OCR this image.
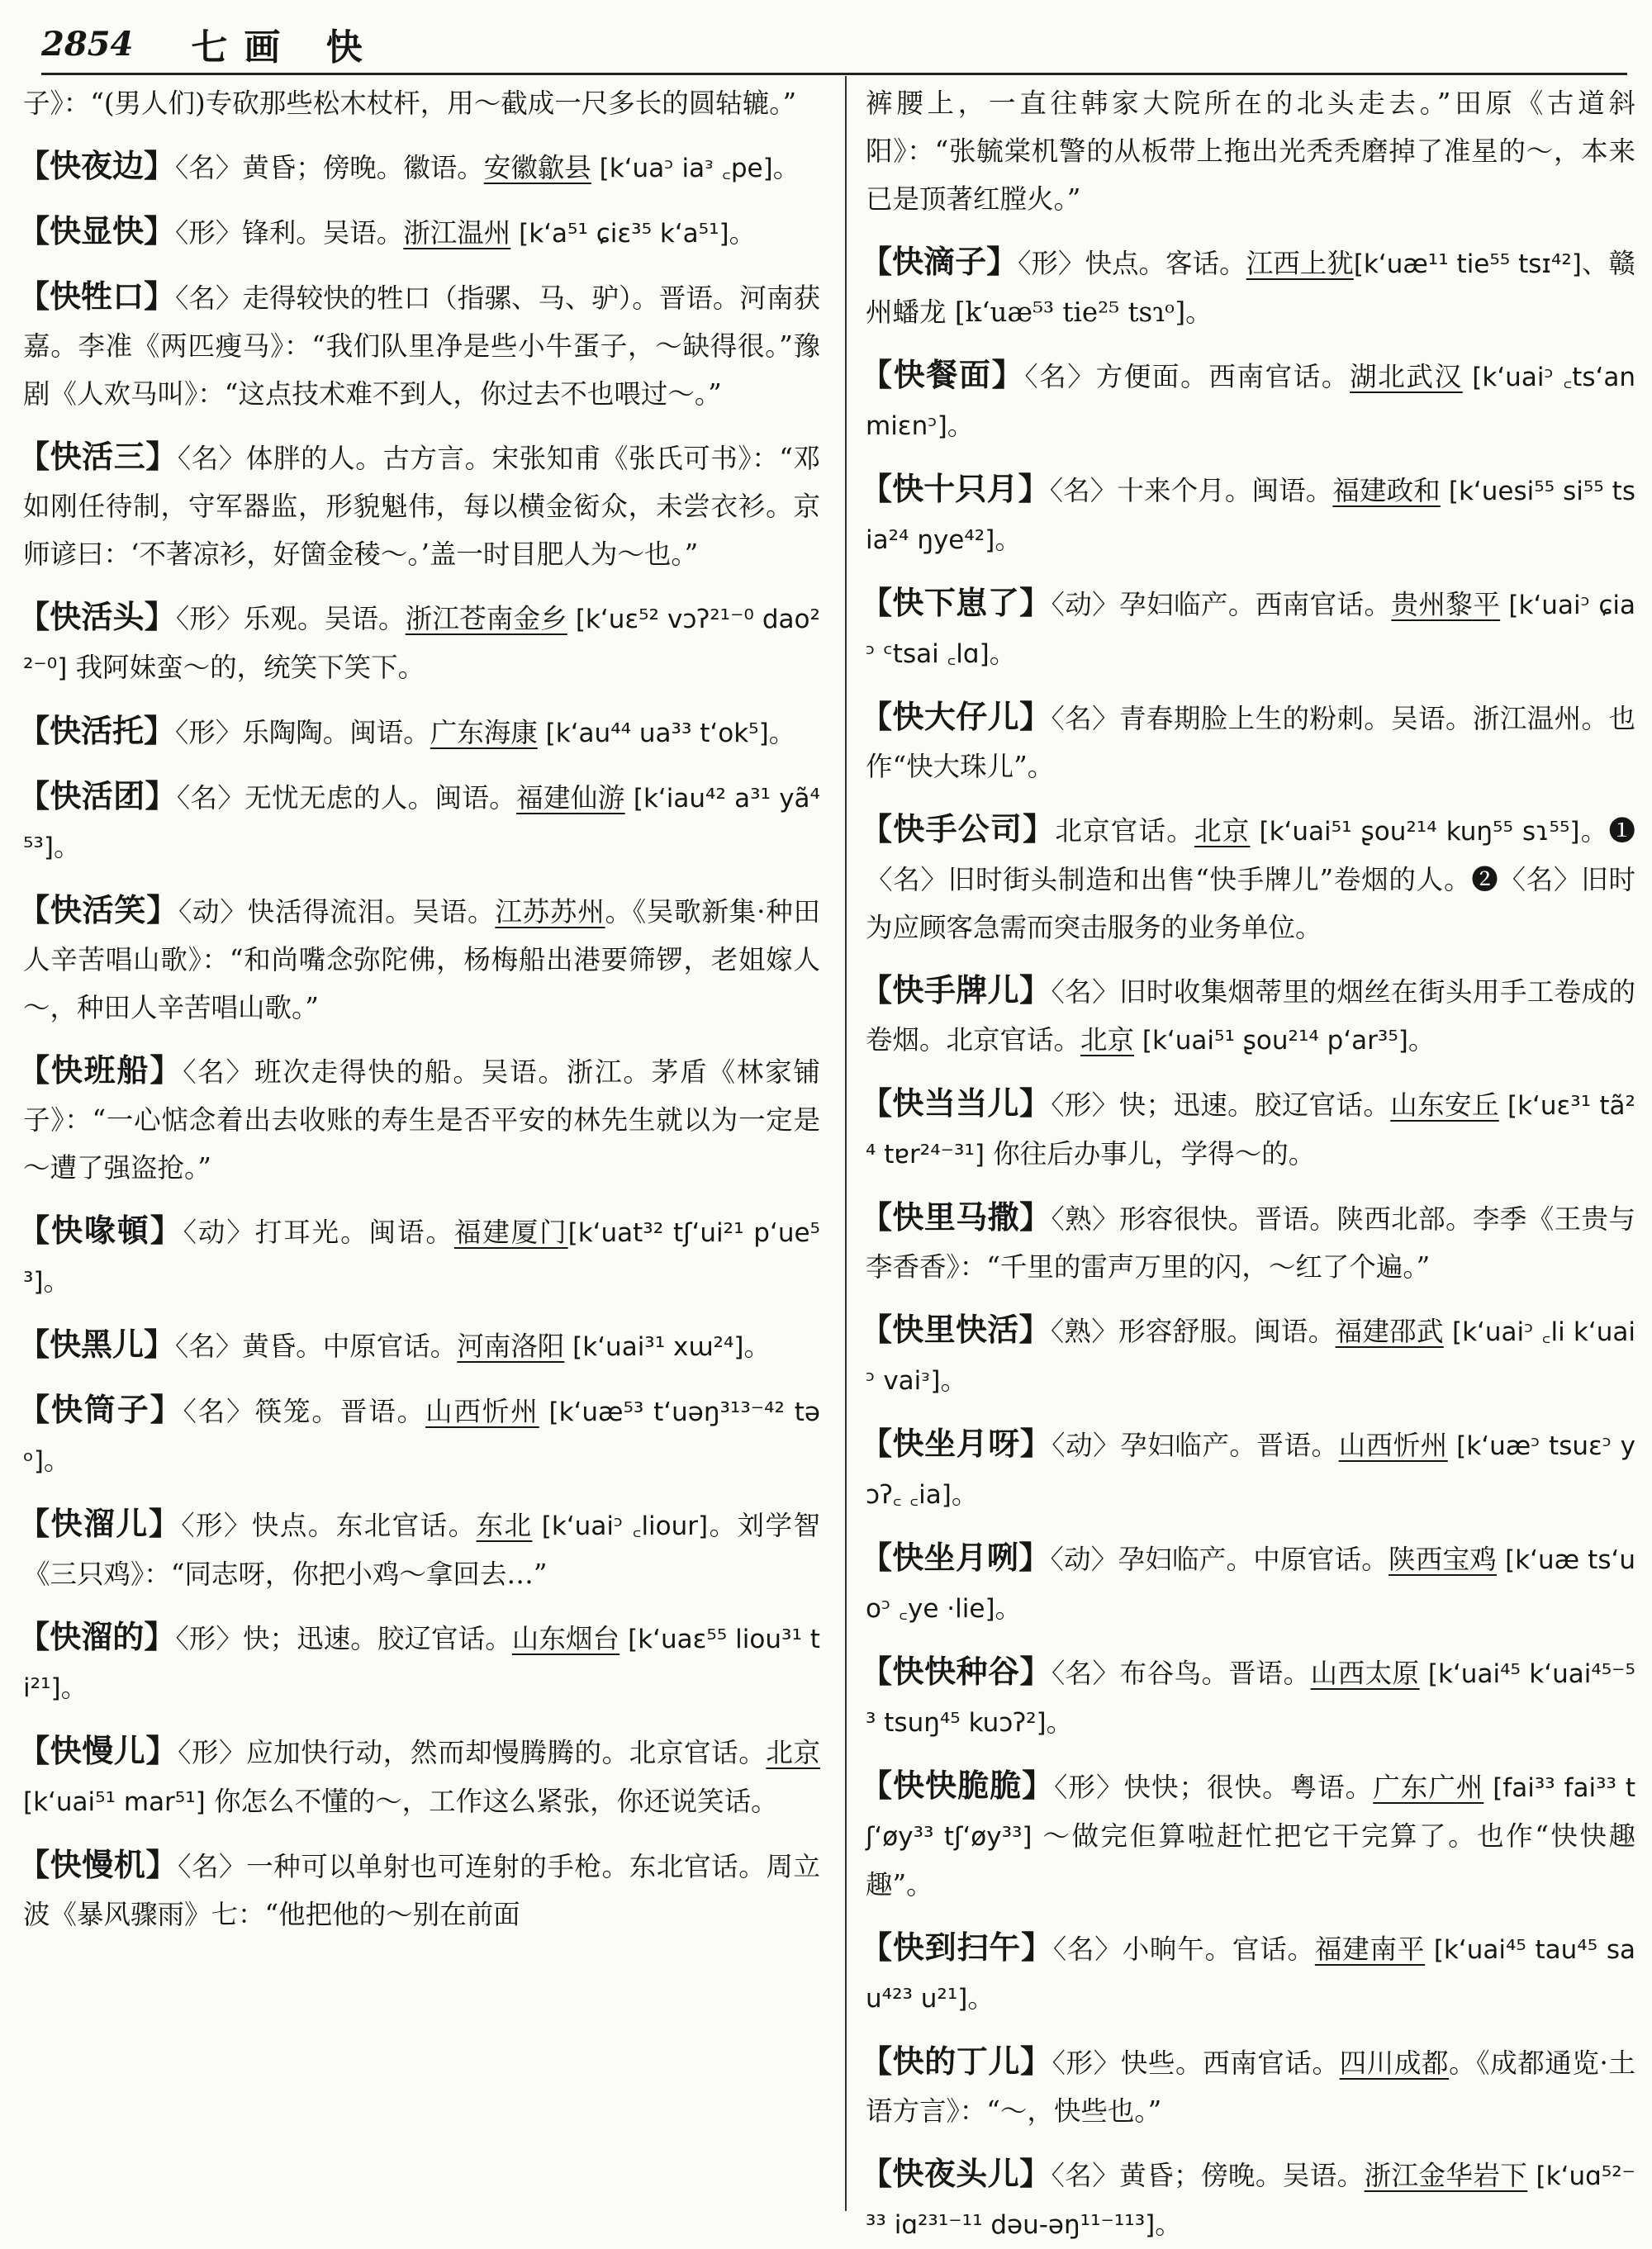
2854 七画 快

子》：“(男人们)专砍那些松木杖杆，用～截成一尺多长的圆轱辘。”

【快夜边】〈名〉黄昏；傍晚。徽语。安徽歙县 [k‘uaᵓ iaᵌ ꜀pe]。

【快显快】〈形〉锋利。吴语。浙江温州 [k‘a⁵¹ ɕiɛ³⁵ k‘a⁵¹]。

【快牲口】〈名〉走得较快的牲口（指骡、马、驴）。晋语。河南获嘉。李准《两匹瘦马》：“我们队里净是些小牛蛋子，～缺得很。”豫剧《人欢马叫》：“这点技术难不到人，你过去不也喂过～。”

【快活三】〈名〉体胖的人。古方言。宋张知甫《张氏可书》：“邓如刚任待制，守军器监，形貌魁伟，每以横金衒众，未尝衣衫。京师谚曰：‘不著凉衫，好箇金稜～。’盖一时目肥人为～也。”

【快活头】〈形〉乐观。吴语。浙江苍南金乡 [k‘uɛ⁵² vɔʔ²¹⁻⁰ dao²²⁻⁰] 我阿妹蛮～的，统笑下笑下。

【快活托】〈形〉乐陶陶。闽语。广东海康 [k‘au⁴⁴ ua³³ t‘ok⁵]。

【快活团】〈名〉无忧无虑的人。闽语。福建仙游 [k‘iau⁴² a³¹ yã⁴⁵³]。

【快活笑】〈动〉快活得流泪。吴语。江苏苏州。《吴歌新集·种田人辛苦唱山歌》：“和尚嘴念弥陀佛，杨梅船出港要筛锣，老姐嫁人～，种田人辛苦唱山歌。”

【快班船】〈名〉班次走得快的船。吴语。浙江。茅盾《林家铺子》：“一心惦念着出去收账的寿生是否平安的林先生就以为一定是～遭了强盗抢。”

【快喙頓】〈动〉打耳光。闽语。福建厦门[k‘uat³² tʃ‘ui²¹ p‘ue⁵³]。

【快黑儿】〈名〉黄昏。中原官话。河南洛阳 [k‘uai³¹ xɯ²⁴]。

【快筒子】〈名〉筷笼。晋语。山西忻州 [k‘uæ⁵³ t‘uəŋ³¹³⁻⁴² təᵒ]。

【快溜儿】〈形〉快点。东北官话。东北 [k‘uaiᵓ ꜀liour]。刘学智《三只鸡》：“同志呀，你把小鸡～拿回去…”

【快溜的】〈形〉快；迅速。胶辽官话。山东烟台 [k‘uaɛ⁵⁵ liou³¹ ti²¹]。

【快慢儿】〈形〉应加快行动，然而却慢腾腾的。北京官话。北京 [k‘uai⁵¹ mar⁵¹] 你怎么不懂的～，工作这么紧张，你还说笑话。

【快慢机】〈名〉一种可以单射也可连射的手枪。东北官话。周立波《暴风骤雨》七：“他把他的～别在前面

裤腰上，一直往韩家大院所在的北头走去。”田原《古道斜阳》：“张毓棠机警的从板带上拖出光秃秃磨掉了准星的～，本来已是顶著红膛火。”

【快滴子】〈形〉快点。客话。江西上犹[k‘uæ¹¹ tie⁵⁵ tsɪ⁴²]、赣州蟠龙 [k‘uæ⁵³ tie²⁵ tsɿᵒ]。

【快餐面】〈名〉方便面。西南官话。湖北武汉 [k‘uaiᵓ ꜀ts‘an miɛnᵓ]。

【快十只月】〈名〉十来个月。闽语。福建政和 [k‘uesi⁵⁵ si⁵⁵ tsia²⁴ ŋye⁴²]。

【快下崽了】〈动〉孕妇临产。西南官话。贵州黎平 [k‘uaiᵓ ɕiaᵓ ᶜtsai ꜀lɑ]。

【快大仔儿】〈名〉青春期脸上生的粉刺。吴语。浙江温州。也作“快大珠儿”。

【快手公司】北京官话。北京 [k‘uai⁵¹ ʂou²¹⁴ kuŋ⁵⁵ sɿ⁵⁵]。❶〈名〉旧时街头制造和出售“快手牌儿”卷烟的人。❷〈名〉旧时为应顾客急需而突击服务的业务单位。

【快手牌儿】〈名〉旧时收集烟蒂里的烟丝在街头用手工卷成的卷烟。北京官话。北京 [k‘uai⁵¹ ʂou²¹⁴ p‘ar³⁵]。

【快当当儿】〈形〉快；迅速。胶辽官话。山东安丘 [k‘uɛ³¹ tã²⁴ tɐr²⁴⁻³¹] 你往后办事儿，学得～的。

【快里马撒】〈熟〉形容很快。晋语。陕西北部。李季《王贵与李香香》：“千里的雷声万里的闪，～红了个遍。”

【快里快活】〈熟〉形容舒服。闽语。福建邵武 [k‘uaiᵓ ꜀li k‘uaiᵓ vaiᵌ]。

【快坐月呀】〈动〉孕妇临产。晋语。山西忻州 [k‘uæᵓ tsuɛᵓ yɔʔ꜀ ꜀ia]。

【快坐月咧】〈动〉孕妇临产。中原官话。陕西宝鸡 [k‘uæ ts‘uoᵓ ꜀ye ·lie]。

【快快种谷】〈名〉布谷鸟。晋语。山西太原 [k‘uai⁴⁵ k‘uai⁴⁵⁻⁵³ tsuŋ⁴⁵ kuɔʔ²]。

【快快脆脆】〈形〉快快；很快。粤语。广东广州 [fai³³ fai³³ tʃ‘øy³³ tʃ‘øy³³] ～做完佢算啦赶忙把它干完算了。也作“快快趣趣”。

【快到扫午】〈名〉小晌午。官话。福建南平 [k‘uai⁴⁵ tau⁴⁵ sau⁴²³ u²¹]。

【快的丁儿】〈形〉快些。西南官话。四川成都。《成都通览·土语方言》：“～，快些也。”

【快夜头儿】〈名〉黄昏；傍晚。吴语。浙江金华岩下 [k‘uɑ⁵²⁻³³ iɑ²³¹⁻¹¹ dəu-əŋ¹¹⁻¹¹³]。
